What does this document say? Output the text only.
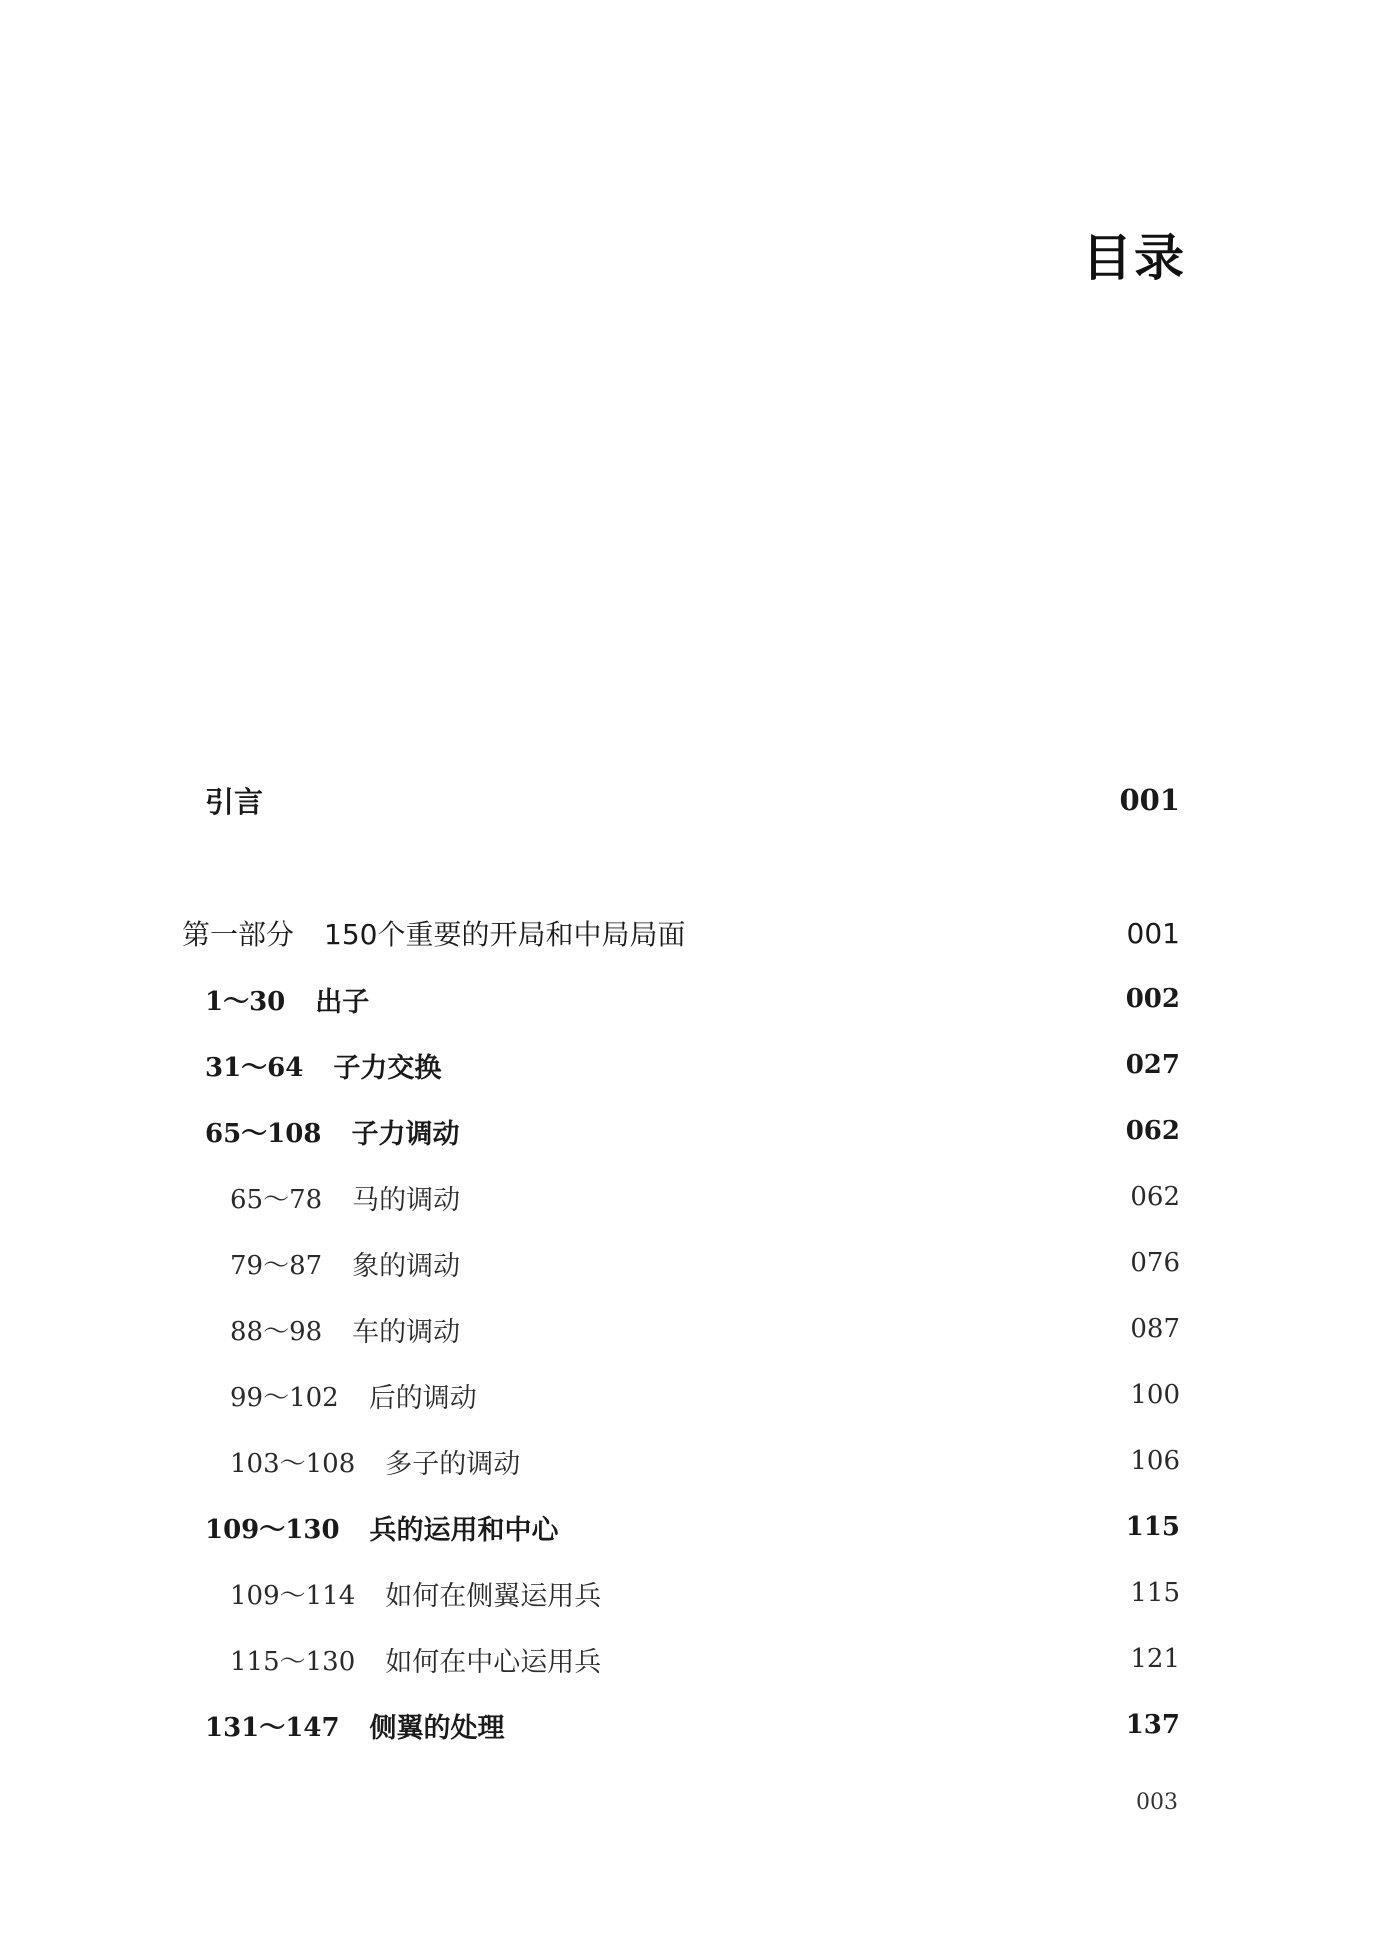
目录
引言	001
第一部分 150个重要的开局和中局局面	001
1～30 出子	002
31～64 子力交换	027
65～108 子力调动	062
65～78 马的调动	062
79～87 象的调动	076
88～98 车的调动	087
99～102 后的调动	100
103～108 多子的调动	106
109～130 兵的运用和中心	115
109～114 如何在侧翼运用兵	115
115～130 如何在中心运用兵	121
131～147 侧翼的处理	137
003
